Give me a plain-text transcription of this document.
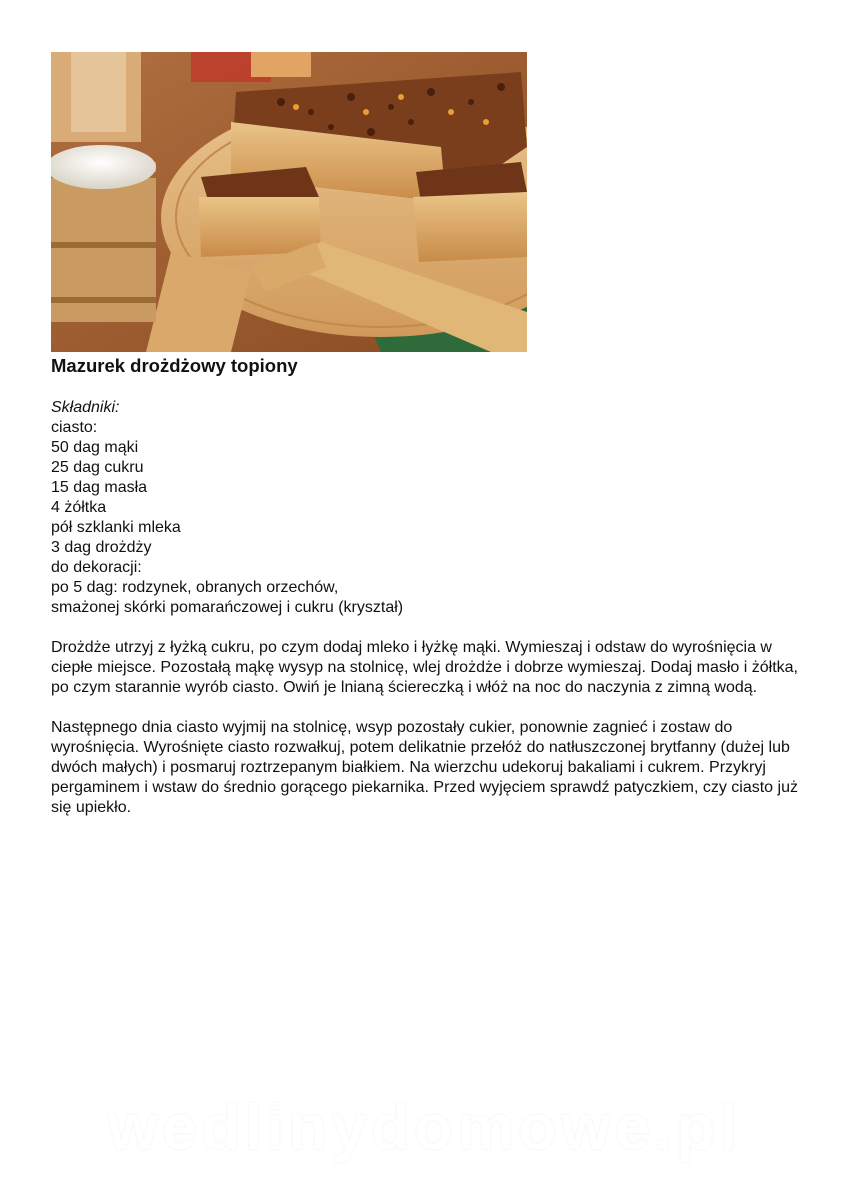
Mazurek drożdżowy topiony
Składniki:
ciasto:
50 dag mąki
25 dag cukru
15 dag masła
4 żółtka
pół szklanki mleka
3 dag drożdży
do dekoracji:
po 5 dag: rodzynek, obranych orzechów,
smażonej skórki pomarańczowej i cukru (kryształ)

Drożdże utrzyj z łyżką cukru, po czym dodaj mleko i łyżkę mąki. Wymieszaj i odstaw do wyrośnięcia w ciepłe miejsce. Pozostałą mąkę wysyp na stolnicę, wlej drożdże i dobrze wymieszaj. Dodaj masło i żółtka, po czym starannie wyrób ciasto. Owiń je lnianą ściereczką i włóż na noc do naczynia z zimną wodą.

Następnego dnia ciasto wyjmij na stolnicę, wsyp pozostały cukier, ponownie zagnieć i zostaw do wyrośnięcia. Wyrośnięte ciasto rozwałkuj, potem delikatnie przełóż do natłuszczonej brytfanny (dużej lub dwóch małych) i posmaruj roztrzepanym białkiem. Na wierzchu udekoruj bakaliami i cukrem. Przykryj pergaminem i wstaw do średnio gorącego piekarnika. Przed wyjęciem sprawdź patyczkiem, czy ciasto już się upiekło.

wedlinydomowe.pl
